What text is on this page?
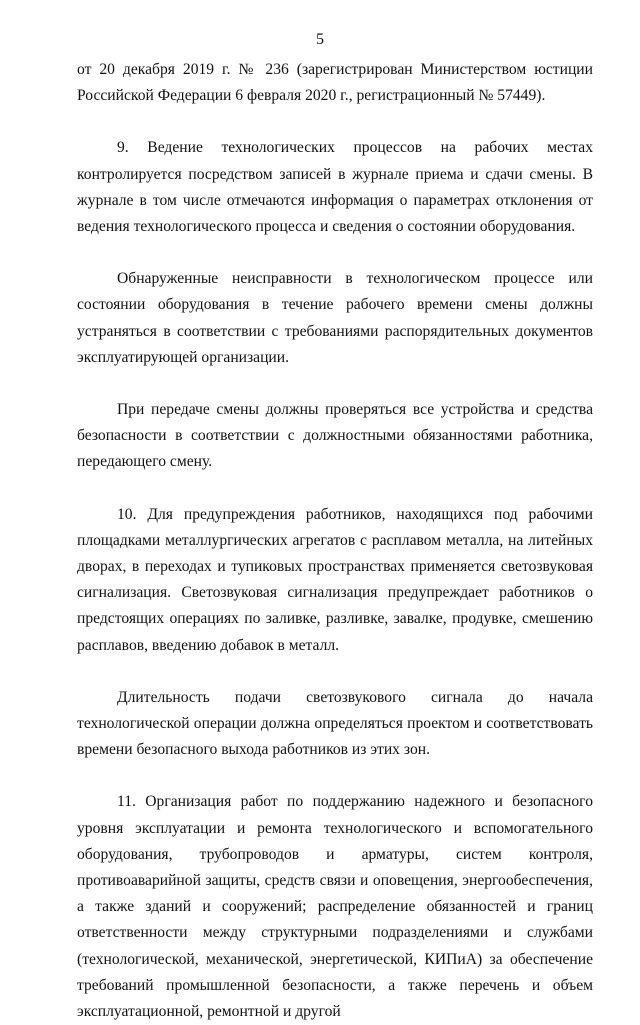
5

от 20 декабря 2019 г. № 236 (зарегистрирован Министерством юстиции Российской Федерации 6 февраля 2020 г., регистрационный № 57449).

9. Ведение технологических процессов на рабочих местах контролируется посредством записей в журнале приема и сдачи смены. В журнале в том числе отмечаются информация о параметрах отклонения от ведения технологического процесса и сведения о состоянии оборудования.

Обнаруженные неисправности в технологическом процессе или состоянии оборудования в течение рабочего времени смены должны устраняться в соответствии с требованиями распорядительных документов эксплуатирующей организации.

При передаче смены должны проверяться все устройства и средства безопасности в соответствии с должностными обязанностями работника, передающего смену.

10. Для предупреждения работников, находящихся под рабочими площадками металлургических агрегатов с расплавом металла, на литейных дворах, в переходах и тупиковых пространствах применяется светозвуковая сигнализация. Светозвуковая сигнализация предупреждает работников о предстоящих операциях по заливке, разливке, завалке, продувке, смешению расплавов, введению добавок в металл.

Длительность подачи светозвукового сигнала до начала технологической операции должна определяться проектом и соответствовать времени безопасного выхода работников из этих зон.

11. Организация работ по поддержанию надежного и безопасного уровня эксплуатации и ремонта технологического и вспомогательного оборудования, трубопроводов и арматуры, систем контроля, противоаварийной защиты, средств связи и оповещения, энергообеспечения, а также зданий и сооружений; распределение обязанностей и границ ответственности между структурными подразделениями и службами (технологической, механической, энергетической, КИПиА) за обеспечение требований промышленной безопасности, а также перечень и объем эксплуатационной, ремонтной и другой
